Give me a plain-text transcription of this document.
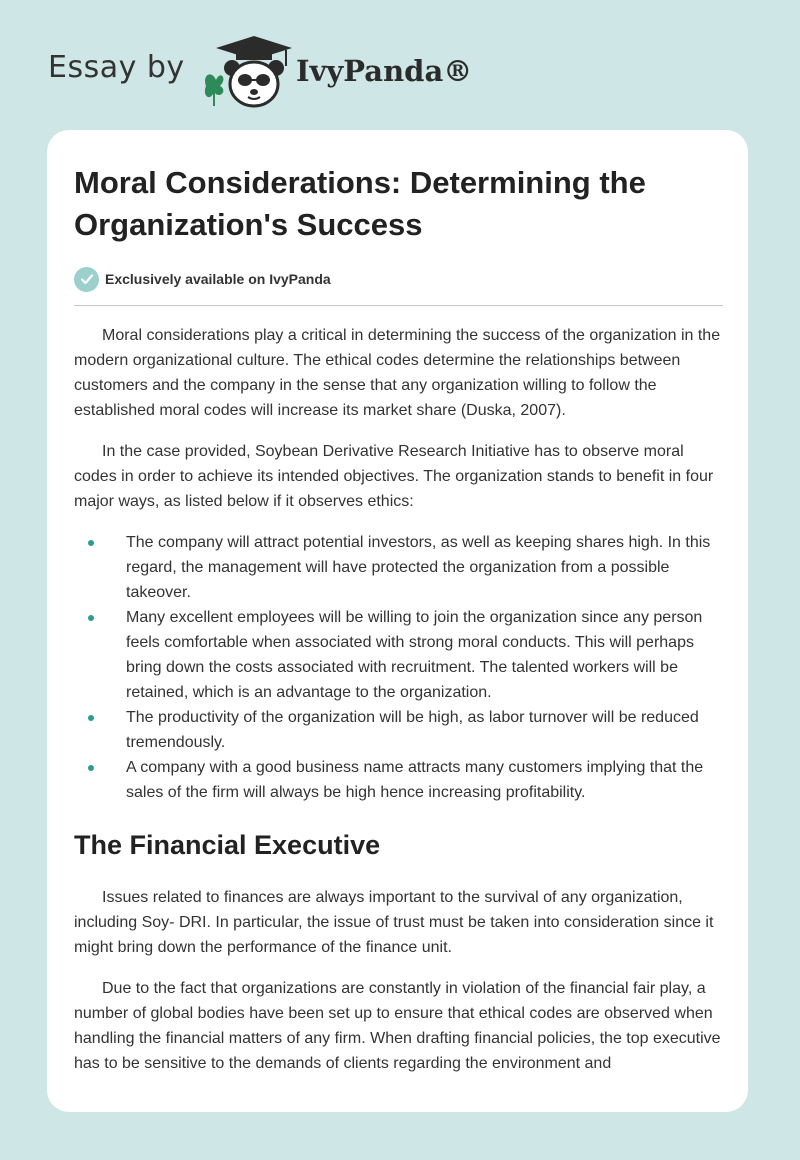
Essay by	IvyPanda®
Moral Considerations: Determining the Organization's Success
Exclusively available on IvyPanda

Moral considerations play a critical in determining the success of the organization in the modern organizational culture. The ethical codes determine the relationships between customers and the company in the sense that any organization willing to follow the established moral codes will increase its market share (Duska, 2007).

In the case provided, Soybean Derivative Research Initiative has to observe moral codes in order to achieve its intended objectives. The organization stands to benefit in four major ways, as listed below if it observes ethics:

The company will attract potential investors, as well as keeping shares high. In this regard, the management will have protected the organization from a possible takeover.
Many excellent employees will be willing to join the organization since any person feels comfortable when associated with strong moral conducts. This will perhaps bring down the costs associated with recruitment. The talented workers will be retained, which is an advantage to the organization.
The productivity of the organization will be high, as labor turnover will be reduced tremendously.
A company with a good business name attracts many customers implying that the sales of the firm will always be high hence increasing profitability.
The Financial Executive

Issues related to finances are always important to the survival of any organization, including Soy- DRI. In particular, the issue of trust must be taken into consideration since it might bring down the performance of the finance unit.

Due to the fact that organizations are constantly in violation of the financial fair play, a number of global bodies have been set up to ensure that ethical codes are observed when handling the financial matters of any firm. When drafting financial policies, the top executive has to be sensitive to the demands of clients regarding the environment and
